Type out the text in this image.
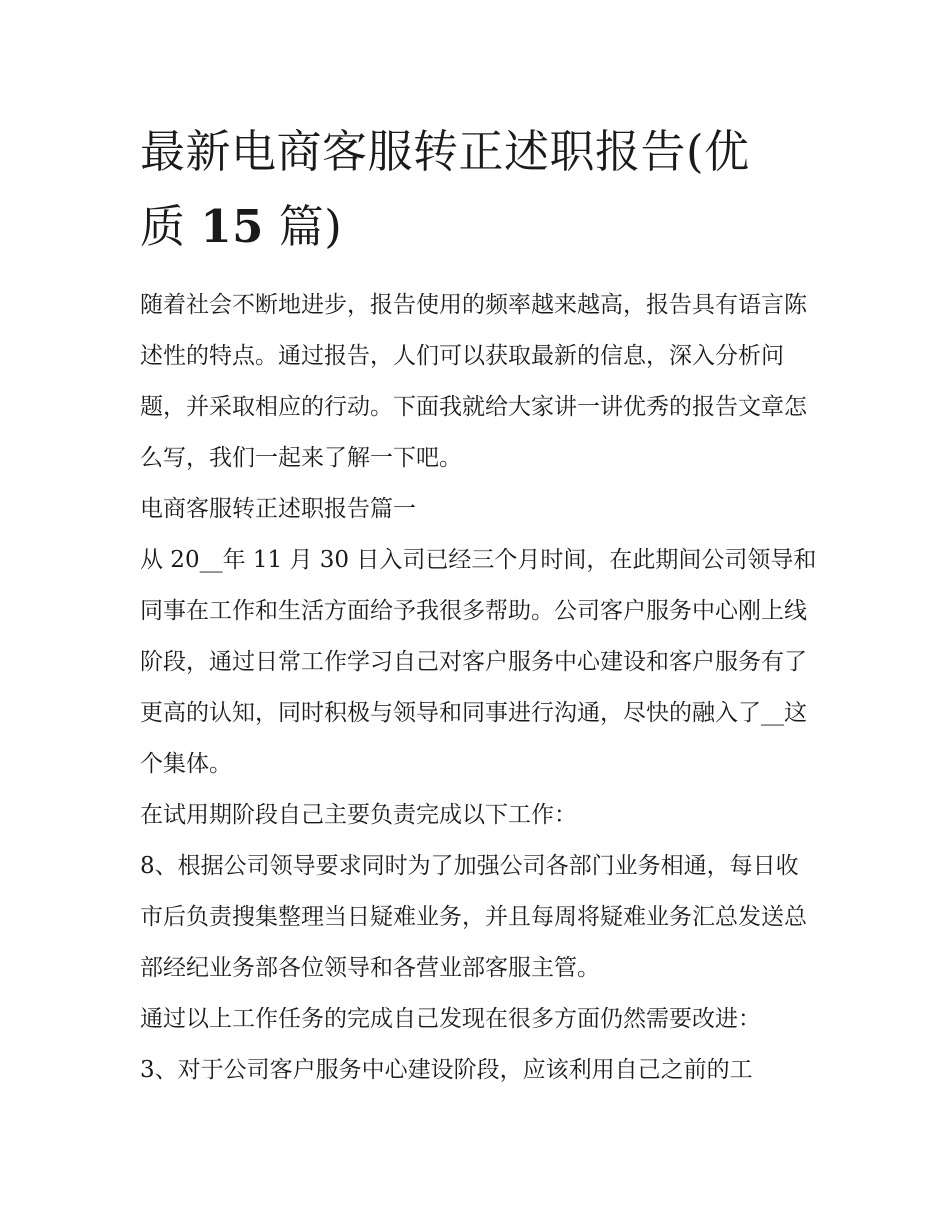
最新电商客服转正述职报告(优
质 15 篇)

随着社会不断地进步，报告使用的频率越来越高，报告具有语言陈述性的特点。通过报告，人们可以获取最新的信息，深入分析问题，并采取相应的行动。下面我就给大家讲一讲优秀的报告文章怎么写，我们一起来了解一下吧。

电商客服转正述职报告篇一

从 20__年 11 月 30 日入司已经三个月时间，在此期间公司领导和同事在工作和生活方面给予我很多帮助。公司客户服务中心刚上线阶段，通过日常工作学习自己对客户服务中心建设和客户服务有了更高的认知，同时积极与领导和同事进行沟通，尽快的融入了__这个集体。

在试用期阶段自己主要负责完成以下工作：

8、根据公司领导要求同时为了加强公司各部门业务相通，每日收市后负责搜集整理当日疑难业务，并且每周将疑难业务汇总发送总部经纪业务部各位领导和各营业部客服主管。

通过以上工作任务的完成自己发现在很多方面仍然需要改进：

3、对于公司客户服务中心建设阶段，应该利用自己之前的工
